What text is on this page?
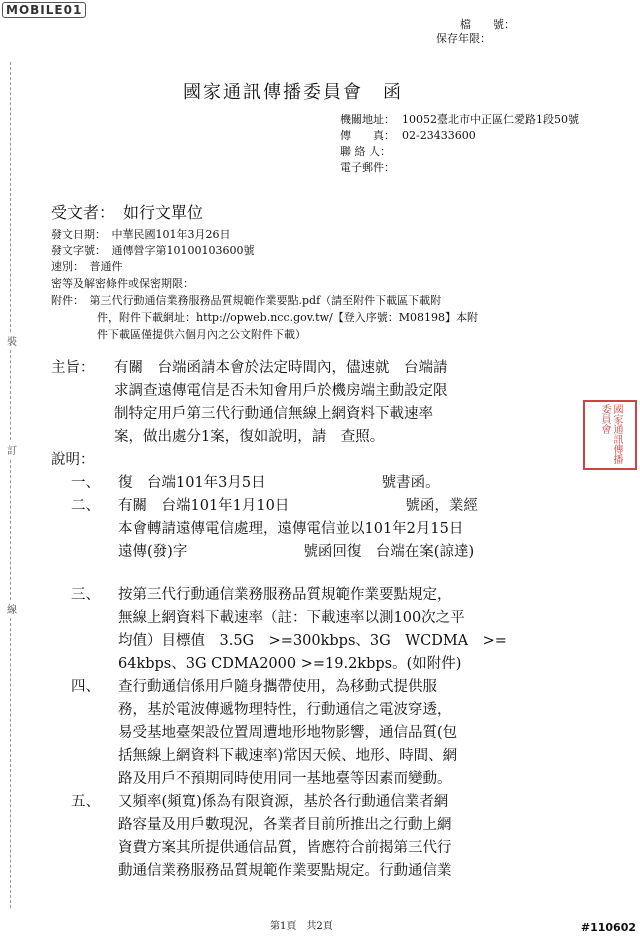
MOBILE01
檔　　號：
保存年限：
國家通訊傳播委員會　函
機關地址： 10052臺北市中正區仁愛路1段50號
傳　　真： 02-23433600
聯 絡 人：
電子郵件：
受文者：　 如行文單位
發文日期：　中華民國101年3月26日
發文字號：　通傳營字第10100103600號
速別：　普通件
密等及解密條件或保密期限：
附件：　第三代行動通信業務服務品質規範作業要點.pdf（請至附件下載區下載附
件，附件下載網址：http://opweb.ncc.gov.tw/【登入序號：M08198】本附
件下載區僅提供六個月內之公文附件下載）
裝
訂
線
主旨： 有關　台端函請本會於法定時間內，儘速就　台端請
求調查遠傳電信是否未知會用戶於機房端主動設定限
制特定用戶第三代行動通信無線上網資料下載速率
案，做出處分1案，復如說明，請　查照。
說明：
一、 復　台端101年3月5日　　　　　　　　號書函。
二、 有關　台端101年1月10日　　　　　　　　號函，業經
本會轉請遠傳電信處理，遠傳電信並以101年2月15日
遠傳(發)字　　　　　　　　號函回復　台端在案(諒達)
三、 按第三代行動通信業務服務品質規範作業要點規定，
無線上網資料下載速率（註：下載速率以測100次之平
均值）目標值　3.5G　>=300kbps、3G　WCDMA　>=
64kbps、3G CDMA2000 >=19.2kbps。(如附件)
四、 查行動通信係用戶隨身攜帶使用，為移動式提供服
務，基於電波傳遞物理特性，行動通信之電波穿透，
易受基地臺架設位置周遭地形地物影響，通信品質(包
括無線上網資料下載速率)常因天候、地形、時間、網
路及用戶不預期同時使用同一基地臺等因素而變動。
五、 又頻率(頻寬)係為有限資源，基於各行動通信業者網
路容量及用戶數現況，各業者目前所推出之行動上網
資費方案其所提供通信品質，皆應符合前揭第三代行
動通信業務服務品質規範作業要點規定。行動通信業
國家通訊傳播委員會
第1頁　共2頁	#110602
